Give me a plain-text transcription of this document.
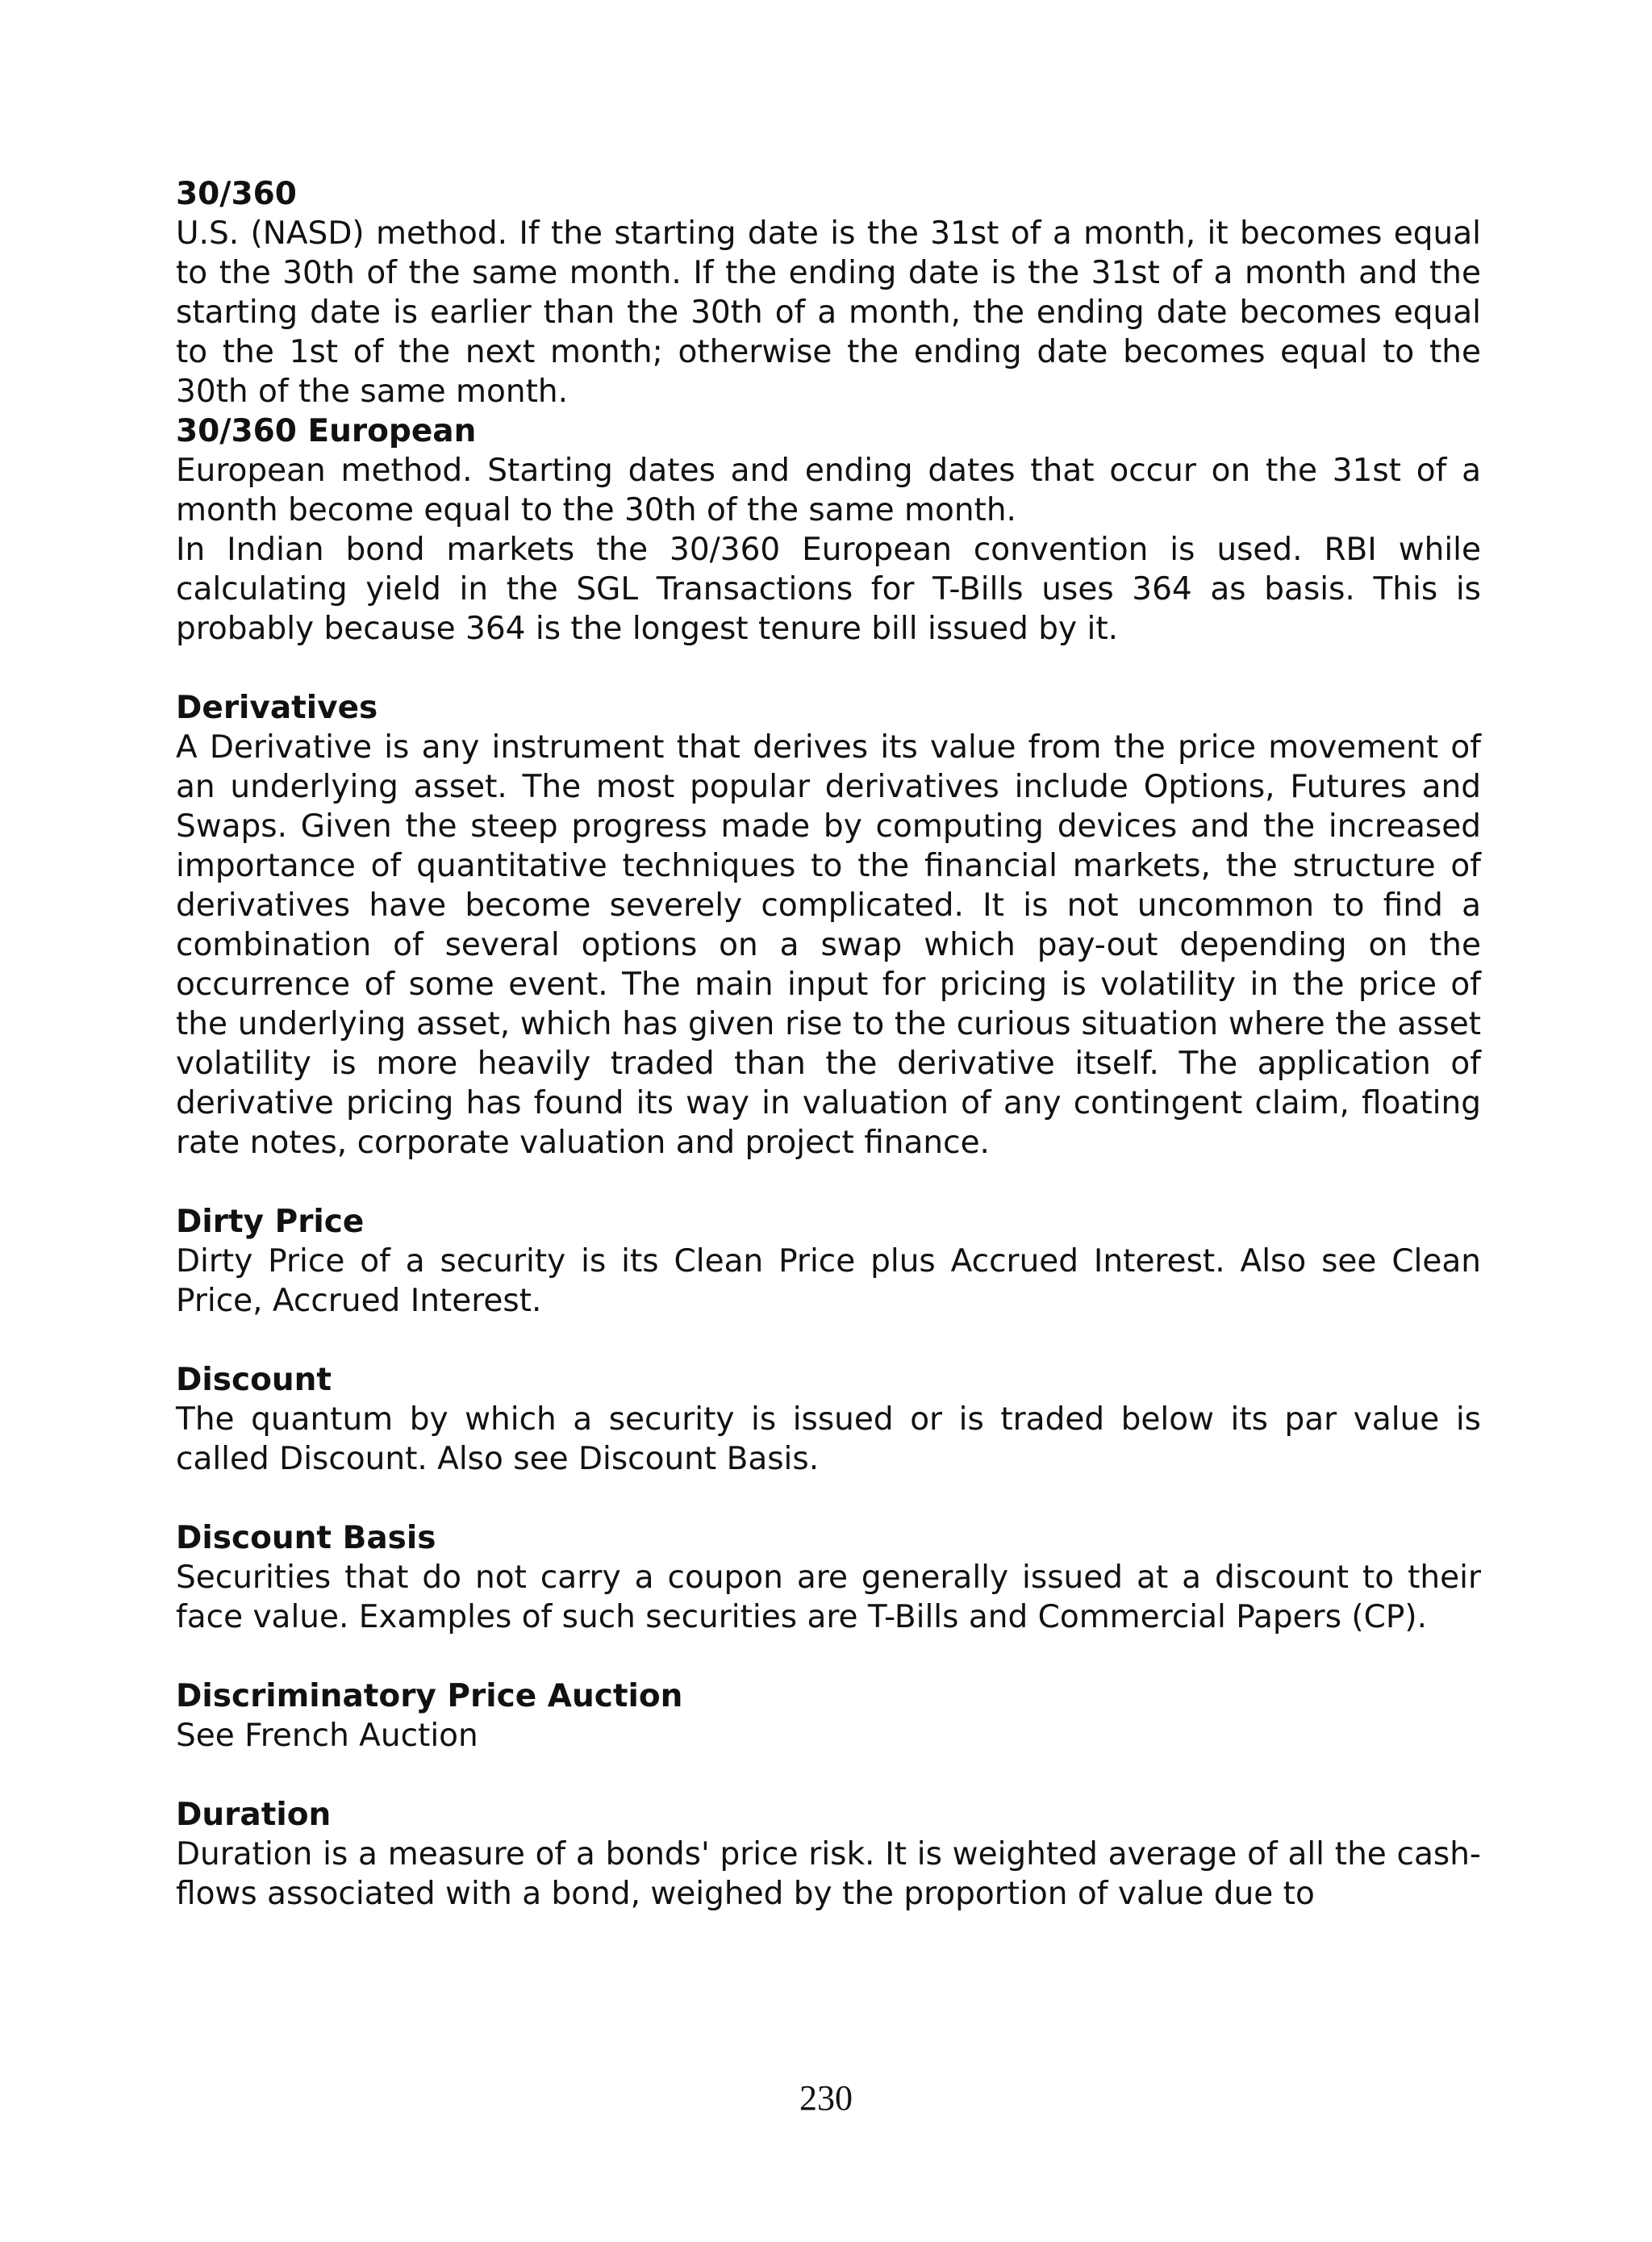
30/360

U.S. (NASD) method. If the starting date is the 31st of a month, it becomes equal to the 30th of the same month. If the ending date is the 31st of a month and the starting date is earlier than the 30th of a month, the ending date becomes equal to the 1st of the next month; otherwise the ending date becomes equal to the 30th of the same month.

30/360 European

European method. Starting dates and ending dates that occur on the 31st of a month become equal to the 30th of the same month.

In Indian bond markets the 30/360 European convention is used. RBI while calculating yield in the SGL Transactions for T-Bills uses 364 as basis. This is probably because 364 is the longest tenure bill issued by it.

Derivatives

A Derivative is any instrument that derives its value from the price movement of an underlying asset. The most popular derivatives include Options, Futures and Swaps. Given the steep progress made by computing devices and the increased importance of quantitative techniques to the financial markets, the structure of derivatives have become severely complicated. It is not uncommon to find a combination of several options on a swap which pay-out depending on the occurrence of some event. The main input for pricing is volatility in the price of the underlying asset, which has given rise to the curious situation where the asset volatility is more heavily traded than the derivative itself. The application of derivative pricing has found its way in valuation of any contingent claim, floating rate notes, corporate valuation and project finance.

Dirty Price

Dirty Price of a security is its Clean Price plus Accrued Interest. Also see Clean Price, Accrued Interest.

Discount

The quantum by which a security is issued or is traded below its par value is called Discount. Also see Discount Basis.

Discount Basis

Securities that do not carry a coupon are generally issued at a discount to their face value. Examples of such securities are T-Bills and Commercial Papers (CP).

Discriminatory Price Auction

See French Auction

Duration

Duration is a measure of a bonds' price risk. It is weighted average of all the cash-flows associated with a bond, weighed by the proportion of value due to

230
